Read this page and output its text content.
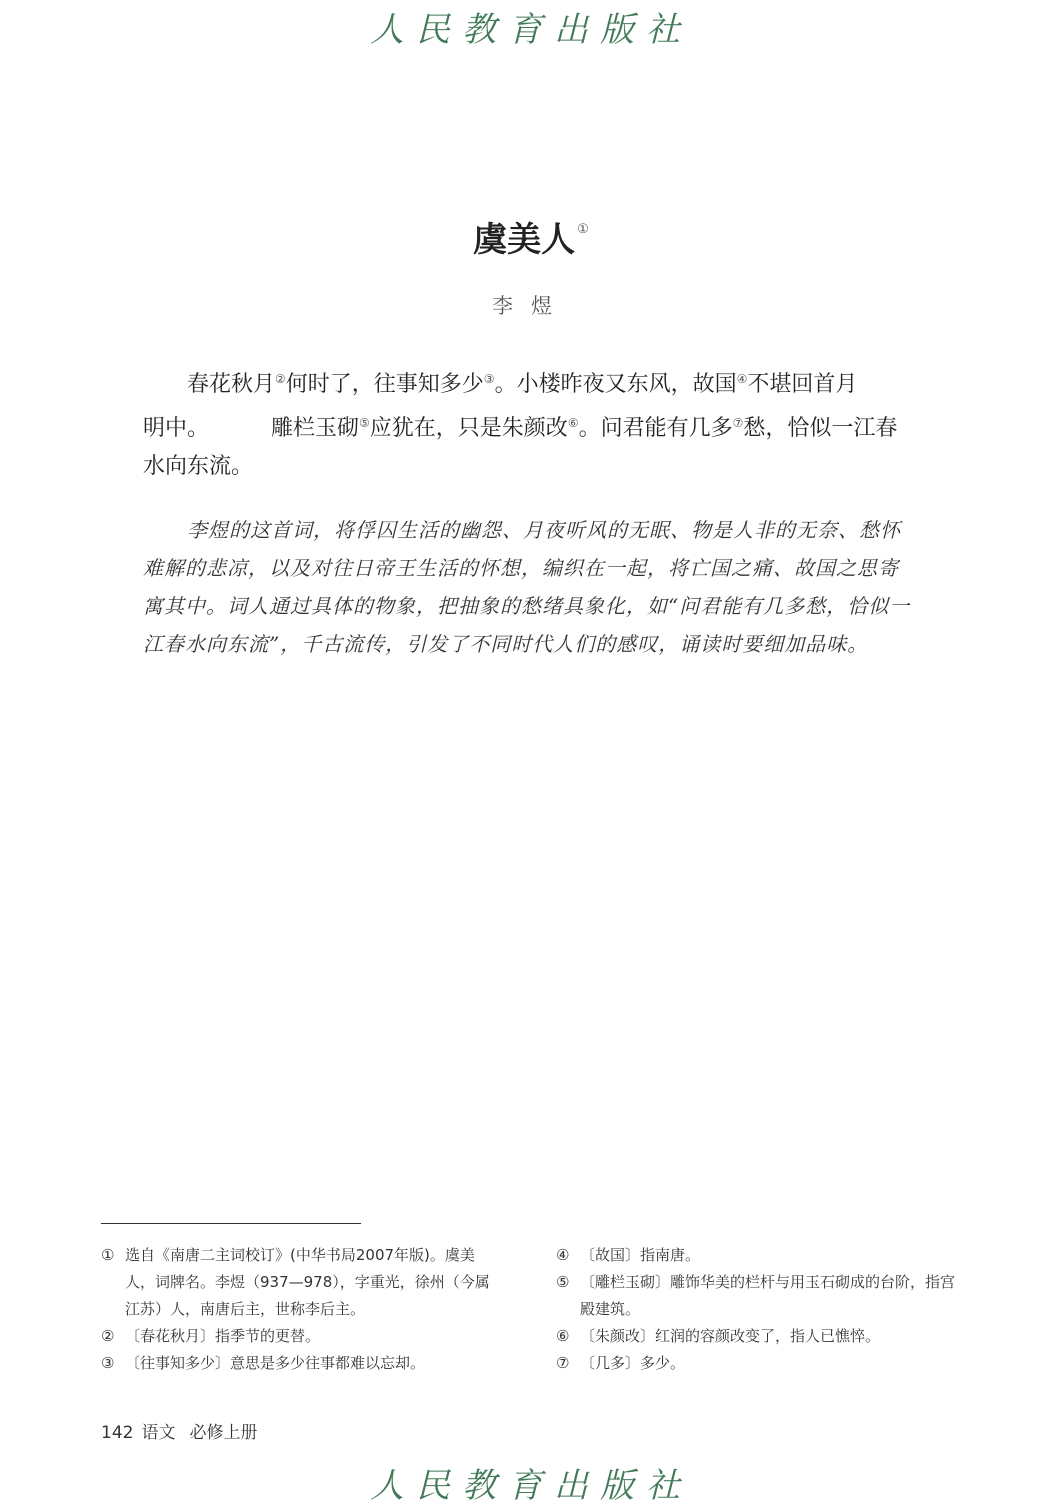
人民教育出版社
虞美人 ①
李煜
春花秋月②何时了，往事知多少③。小楼昨夜又东风，故国④不堪回首月
明中。	雕栏玉砌⑤应犹在，只是朱颜改⑥。问君能有几多⑦愁，恰似一江春
水向东流。
李煜的这首词，将俘囚生活的幽怨、月夜听风的无眠、物是人非的无奈、愁怀难解的悲凉，以及对往日帝王生活的怀想，编织在一起，将亡国之痛、故国之思寄寓其中。词人通过具体的物象，把抽象的愁绪具象化，如“问君能有几多愁，恰似一江春水向东流”，千古流传，引发了不同时代人们的感叹，诵读时要细加品味。
① 选自《南唐二主词校订》(中华书局2007年版)。虞美人，词牌名。李煜（937—978），字重光，徐州（今属江苏）人，南唐后主，世称李后主。
② 〔春花秋月〕指季节的更替。
③ 〔往事知多少〕意思是多少往事都难以忘却。
④ 〔故国〕指南唐。
⑤ 〔雕栏玉砌〕雕饰华美的栏杆与用玉石砌成的台阶，指宫殿建筑。
⑥ 〔朱颜改〕红润的容颜改变了，指人已憔悴。
⑦ 〔几多〕多少。
142 语文 必修上册
人民教育出版社
